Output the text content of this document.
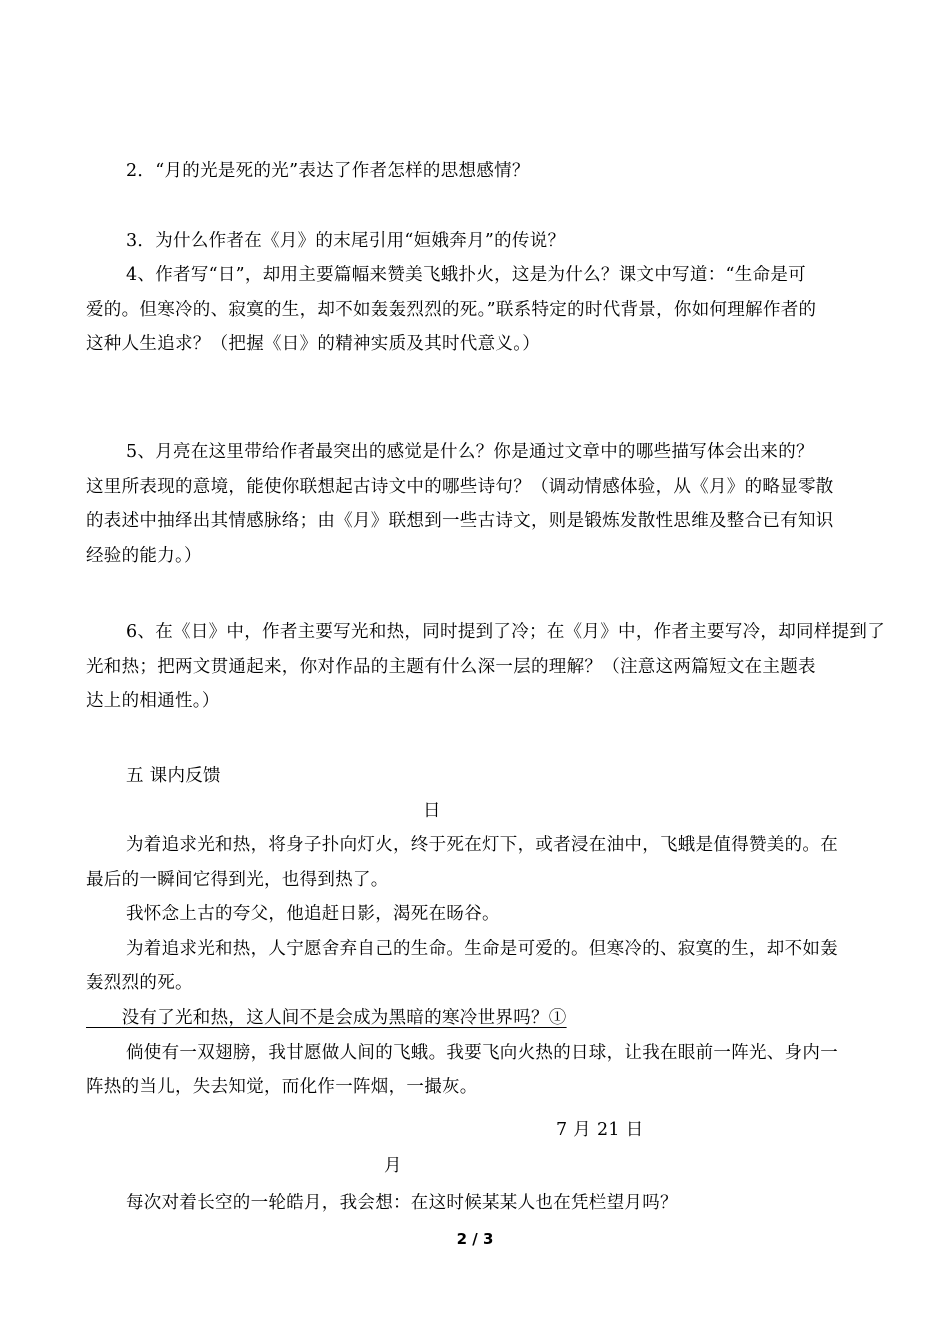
2．“月的光是死的光”表达了作者怎样的思想感情？
3．为什么作者在《月》的末尾引用“姮娥奔月”的传说？
4、作者写“日”，却用主要篇幅来赞美飞蛾扑火，这是为什么？课文中写道：“生命是可
爱的。但寒冷的、寂寞的生，却不如轰轰烈烈的死。”联系特定的时代背景，你如何理解作者的
这种人生追求？（把握《日》的精神实质及其时代意义。）
5、月亮在这里带给作者最突出的感觉是什么？你是通过文章中的哪些描写体会出来的？
这里所表现的意境，能使你联想起古诗文中的哪些诗句？（调动情感体验，从《月》的略显零散
的表述中抽绎出其情感脉络；由《月》联想到一些古诗文，则是锻炼发散性思维及整合已有知识
经验的能力。）
6、在《日》中，作者主要写光和热，同时提到了冷；在《月》中，作者主要写冷，却同样提到了
光和热；把两文贯通起来，你对作品的主题有什么深一层的理解？（注意这两篇短文在主题表
达上的相通性。）
五 课内反馈
日
为着追求光和热，将身子扑向灯火，终于死在灯下，或者浸在油中，飞蛾是值得赞美的。在
最后的一瞬间它得到光，也得到热了。
我怀念上古的夸父，他追赶日影，渴死在旸谷。
为着追求光和热，人宁愿舍弃自己的生命。生命是可爱的。但寒冷的、寂寞的生，却不如轰
轰烈烈的死。
　　没有了光和热，这人间不是会成为黑暗的寒冷世界吗？①
倘使有一双翅膀，我甘愿做人间的飞蛾。我要飞向火热的日球，让我在眼前一阵光、身内一
阵热的当儿，失去知觉，而化作一阵烟，一撮灰。
7 月 21 日
月
每次对着长空的一轮皓月，我会想：在这时候某某人也在凭栏望月吗？
2 / 3
